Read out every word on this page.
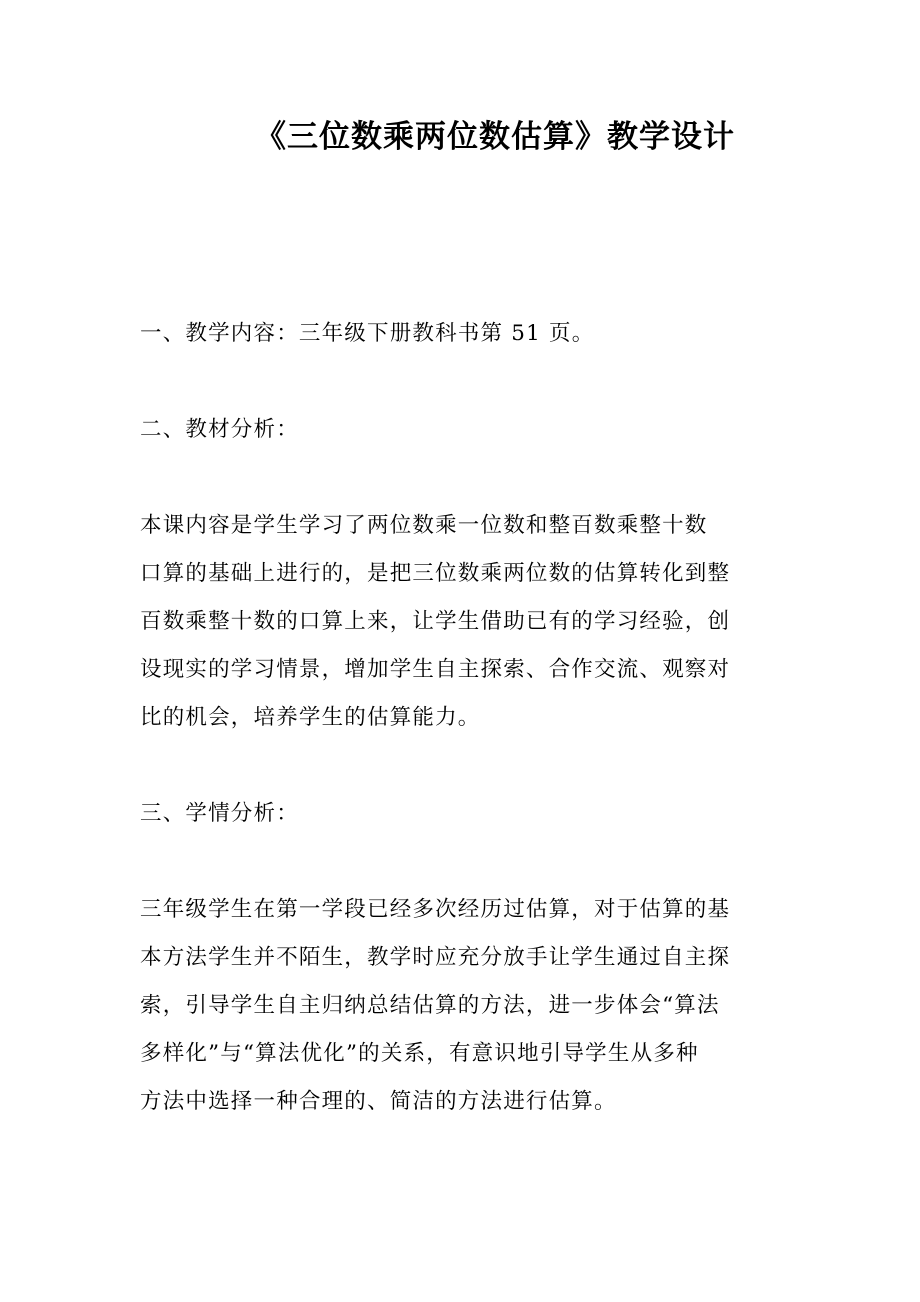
《三位数乘两位数估算》教学设计

一、教学内容：三年级下册教科书第 51 页。

二、教材分析：

本课内容是学生学习了两位数乘一位数和整百数乘整十数
口算的基础上进行的，是把三位数乘两位数的估算转化到整
百数乘整十数的口算上来，让学生借助已有的学习经验，创
设现实的学习情景，增加学生自主探索、合作交流、观察对
比的机会，培养学生的估算能力。

三、学情分析：

三年级学生在第一学段已经多次经历过估算，对于估算的基
本方法学生并不陌生，教学时应充分放手让学生通过自主探
索，引导学生自主归纳总结估算的方法，进一步体会“算法
多样化”与“算法优化”的关系，有意识地引导学生从多种
方法中选择一种合理的、简洁的方法进行估算。
